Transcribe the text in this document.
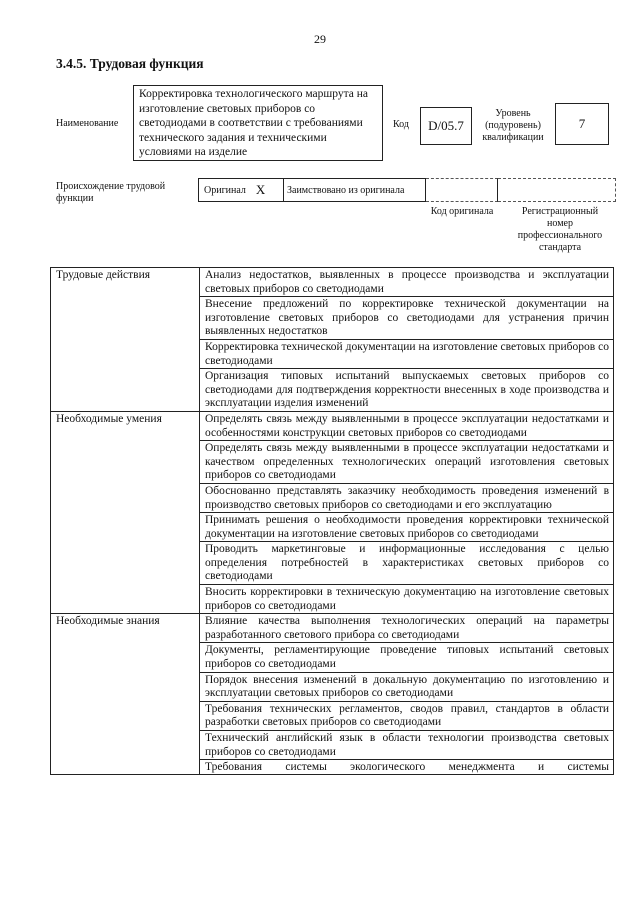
29
3.4.5. Трудовая функция
Наименование
Корректировка технологического маршрута на изготовление световых приборов со светодиодами в соответствии с требованиями технического задания и техническими условиями на изделие
Код	D/05.7
Уровень (подуровень) квалификации
7
Происхождение трудовой функции
Оригинал X Заимствовано из оригинала
Код оригинала	Регистрационный номер профессионального стандарта
Трудовые действия	Анализ недостатков, выявленных в процессе производства и эксплуатации световых приборов со светодиодами
	Внесение предложений по корректировке технической документации на изготовление световых приборов со светодиодами для устранения причин выявленных недостатков
	Корректировка технической документации на изготовление световых приборов со светодиодами
	Организация типовых испытаний выпускаемых световых приборов со светодиодами для подтверждения корректности внесенных в ходе производства и эксплуатации изделия изменений
Необходимые умения	Определять связь между выявленными в процессе эксплуатации недостатками и особенностями конструкции световых приборов со светодиодами
	Определять связь между выявленными в процессе эксплуатации недостатками и качеством определенных технологических операций изготовления световых приборов со светодиодами
	Обоснованно представлять заказчику необходимость проведения изменений в производство световых приборов со светодиодами и его эксплуатацию
	Принимать решения о необходимости проведения корректировки технической документации на изготовление световых приборов со светодиодами
	Проводить маркетинговые и информационные исследования с целью определения потребностей в характеристиках световых приборов со светодиодами
	Вносить корректировки в техническую документацию на изготовление световых приборов со светодиодами
Необходимые знания	Влияние качества выполнения технологических операций на параметры разработанного светового прибора со светодиодами
	Документы, регламентирующие проведение типовых испытаний световых приборов со светодиодами
	Порядок внесения изменений в докальную документацию по изготовлению и эксплуатации световых приборов со светодиодами
	Требования технических регламентов, сводов правил, стандартов в области разработки световых приборов со светодиодами
	Технический английский язык в области технологии производства световых приборов со светодиодами

	Требования системы экологического менеджмента и системы
